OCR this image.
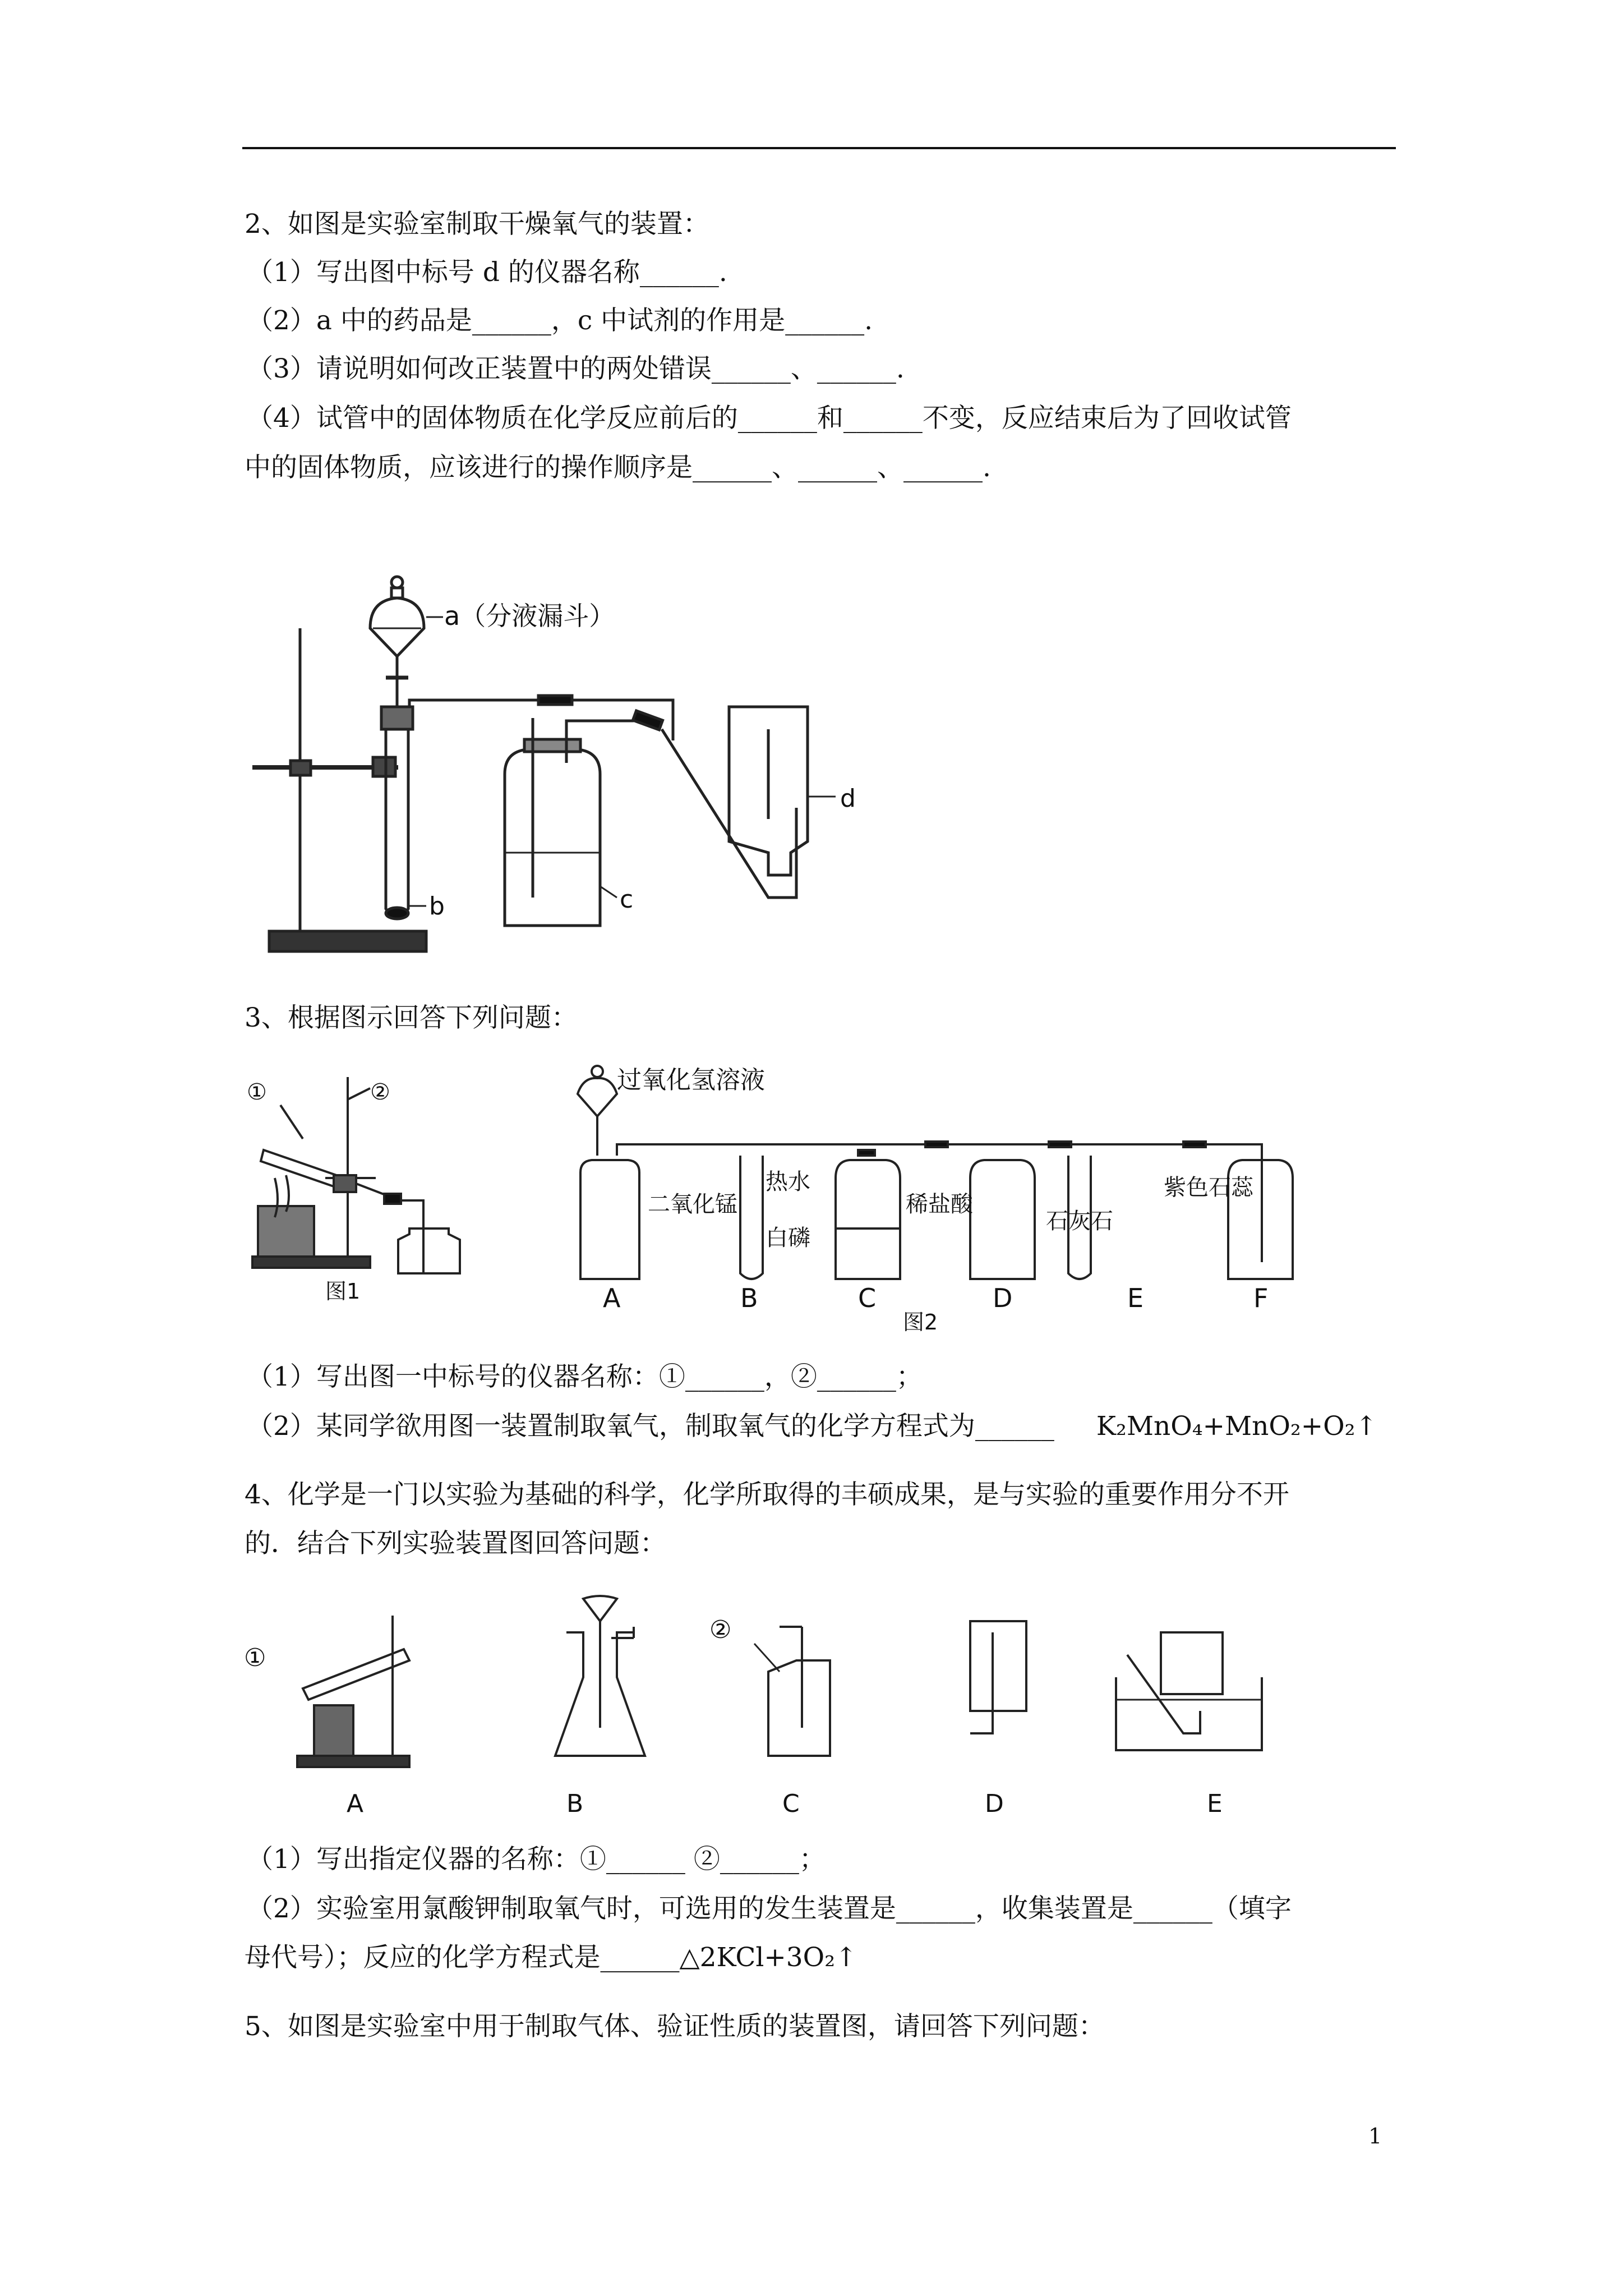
2、如图是实验室制取干燥氧气的装置：
（1）写出图中标号 d 的仪器名称______.
（2）a 中的药品是______，c 中试剂的作用是______.
（3）请说明如何改正装置中的两处错误______、______.
（4）试管中的固体物质在化学反应前后的______和______不变，反应结束后为了回收试管
中的固体物质，应该进行的操作顺序是______、______、______.
a（分液漏斗）
b	c
d
3、根据图示回答下列问题：
①	②
图1
过氧化氢溶液
二氧化锰
热水
白磷
稀盐酸
石灰石
紫色石蕊
A	B	C	D	E	F
图2
（1）写出图一中标号的仪器名称：①______，②______；
（2）某同学欲用图一装置制取氧气，制取氧气的化学方程式为______ K₂MnO₄+MnO₂+O₂↑
4、化学是一门以实验为基础的科学，化学所取得的丰硕成果，是与实验的重要作用分不开
的．结合下列实验装置图回答问题：
①
②
A	B	C	D	E
（1）写出指定仪器的名称：①______ ②______；
（2）实验室用氯酸钾制取氧气时，可选用的发生装置是______，收集装置是______（填字
母代号）；反应的化学方程式是______△2KCl+3O₂↑
5、如图是实验室中用于制取气体、验证性质的装置图，请回答下列问题：
1
